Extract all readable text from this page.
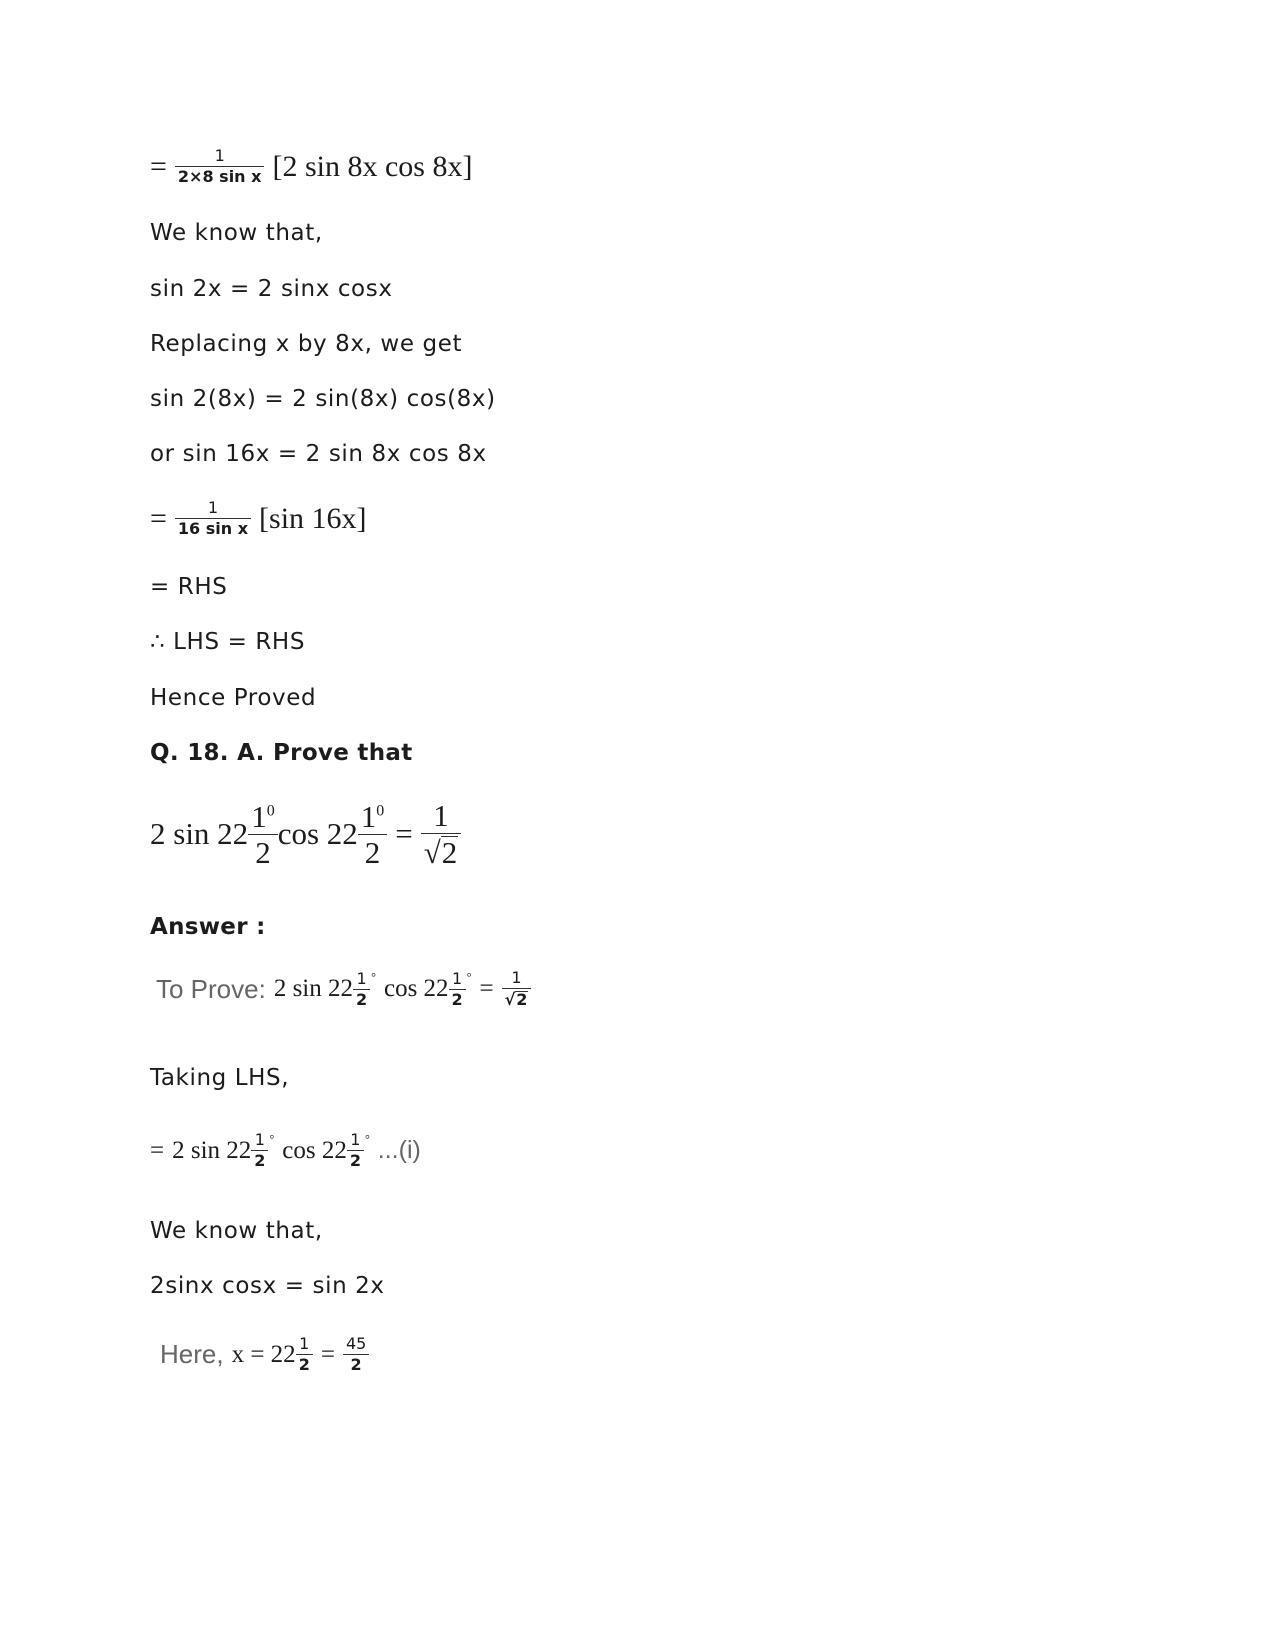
= $\frac{1}{\text{2×8 sin x}} [2$ sin 8x cos 8x]

We know that,

sin 2x = 2 sinx cosx

Replacing x by 8x, we get

sin 2(8x) = 2 sin(8x) cos(8x)

or sin 16x = 2 sin 8x cos 8x

= $\frac{1}{\text{16 sin x}} [\sin$ 16x]

= RHS

∴ LHS = RHS

Hence Proved

Q. 18. A. Prove that

2 $\sin 22 \frac{1^0}{2}$ $\cos 22 \frac{1^0}{2} = \frac{1}{√ 2}$

Answer :

To Prove: 2 $\sin 22 \frac{1}{2}$ ° $\cos 22 \frac{1}{2}$ ° = $\frac{1}{√ 2}$

Taking LHS,

= 2 $\sin 22 \frac{1}{2}$ ° $\cos 22 \frac{1}{2}$ ° ...(i)

We know that,

2sinx cosx = sin 2x

Here, $x = 22 \frac{1}{2} = \frac{45}{2}$
